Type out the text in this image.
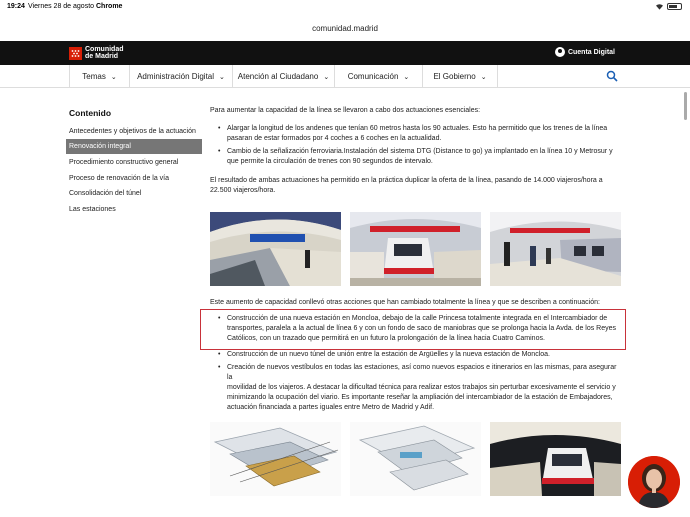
19:24 Viernes 28 de agosto Chrome
comunidad.madrid
Comunidad
de Madrid
Cuenta Digital
Temas ⌄	Administración Digital ⌄ Atención al Ciudadano ⌄ Comunicación ⌄	El Gobierno ⌄
Contenido
Antecedentes y objetivos de la actuación
Renovación integral
Procedimiento constructivo general
Proceso de renovación de la vía
Consolidación del túnel
Las estaciones
Para aumentar la capacidad de la línea se llevaron a cabo dos actuaciones esenciales:
• Alargar la longitud de los andenes que tenían 60 metros hasta los 90 actuales. Esto ha permitido que los trenes de la línea
pasaran de estar formados por 4 coches a 6 coches en la actualidad.
• Cambio de la señalización ferroviaria.Instalación del sistema DTG (Distance to go) ya implantado en la línea 10 y Metrosur y
que permite la circulación de trenes con 90 segundos de intervalo.
El resultado de ambas actuaciones ha permitido en la práctica duplicar la oferta de la línea, pasando de 14.000 viajeros/hora a
22.500 viajeros/hora.
Este aumento de capacidad conllevó otras acciones que han cambiado totalmente la línea y que se describen a continuación:
• Construcción de una nueva estación en Moncloa, debajo de la calle Princesa totalmente integrada en el Intercambiador de
transportes, paralela a la actual de línea 6 y con un fondo de saco de maniobras que se prolonga hacia la Avda. de los Reyes
Católicos, con un trazado que permitirá en un futuro la prolongación de la línea hacia Cuatro Caminos.
• Construcción de un nuevo túnel de unión entre la estación de Argüelles y la nueva estación de Moncloa.
• Creación de nuevos vestíbulos en todas las estaciones, así como nuevos espacios e itinerarios en las mismas, para asegurar la
movilidad de los viajeros. A destacar la dificultad técnica para realizar estos trabajos sin perturbar excesivamente el servicio y
minimizando la ocupación del viario. Es importante reseñar la ampliación del intercambiador de la estación de Embajadores,
actuación financiada a partes iguales entre Metro de Madrid y Adif.
